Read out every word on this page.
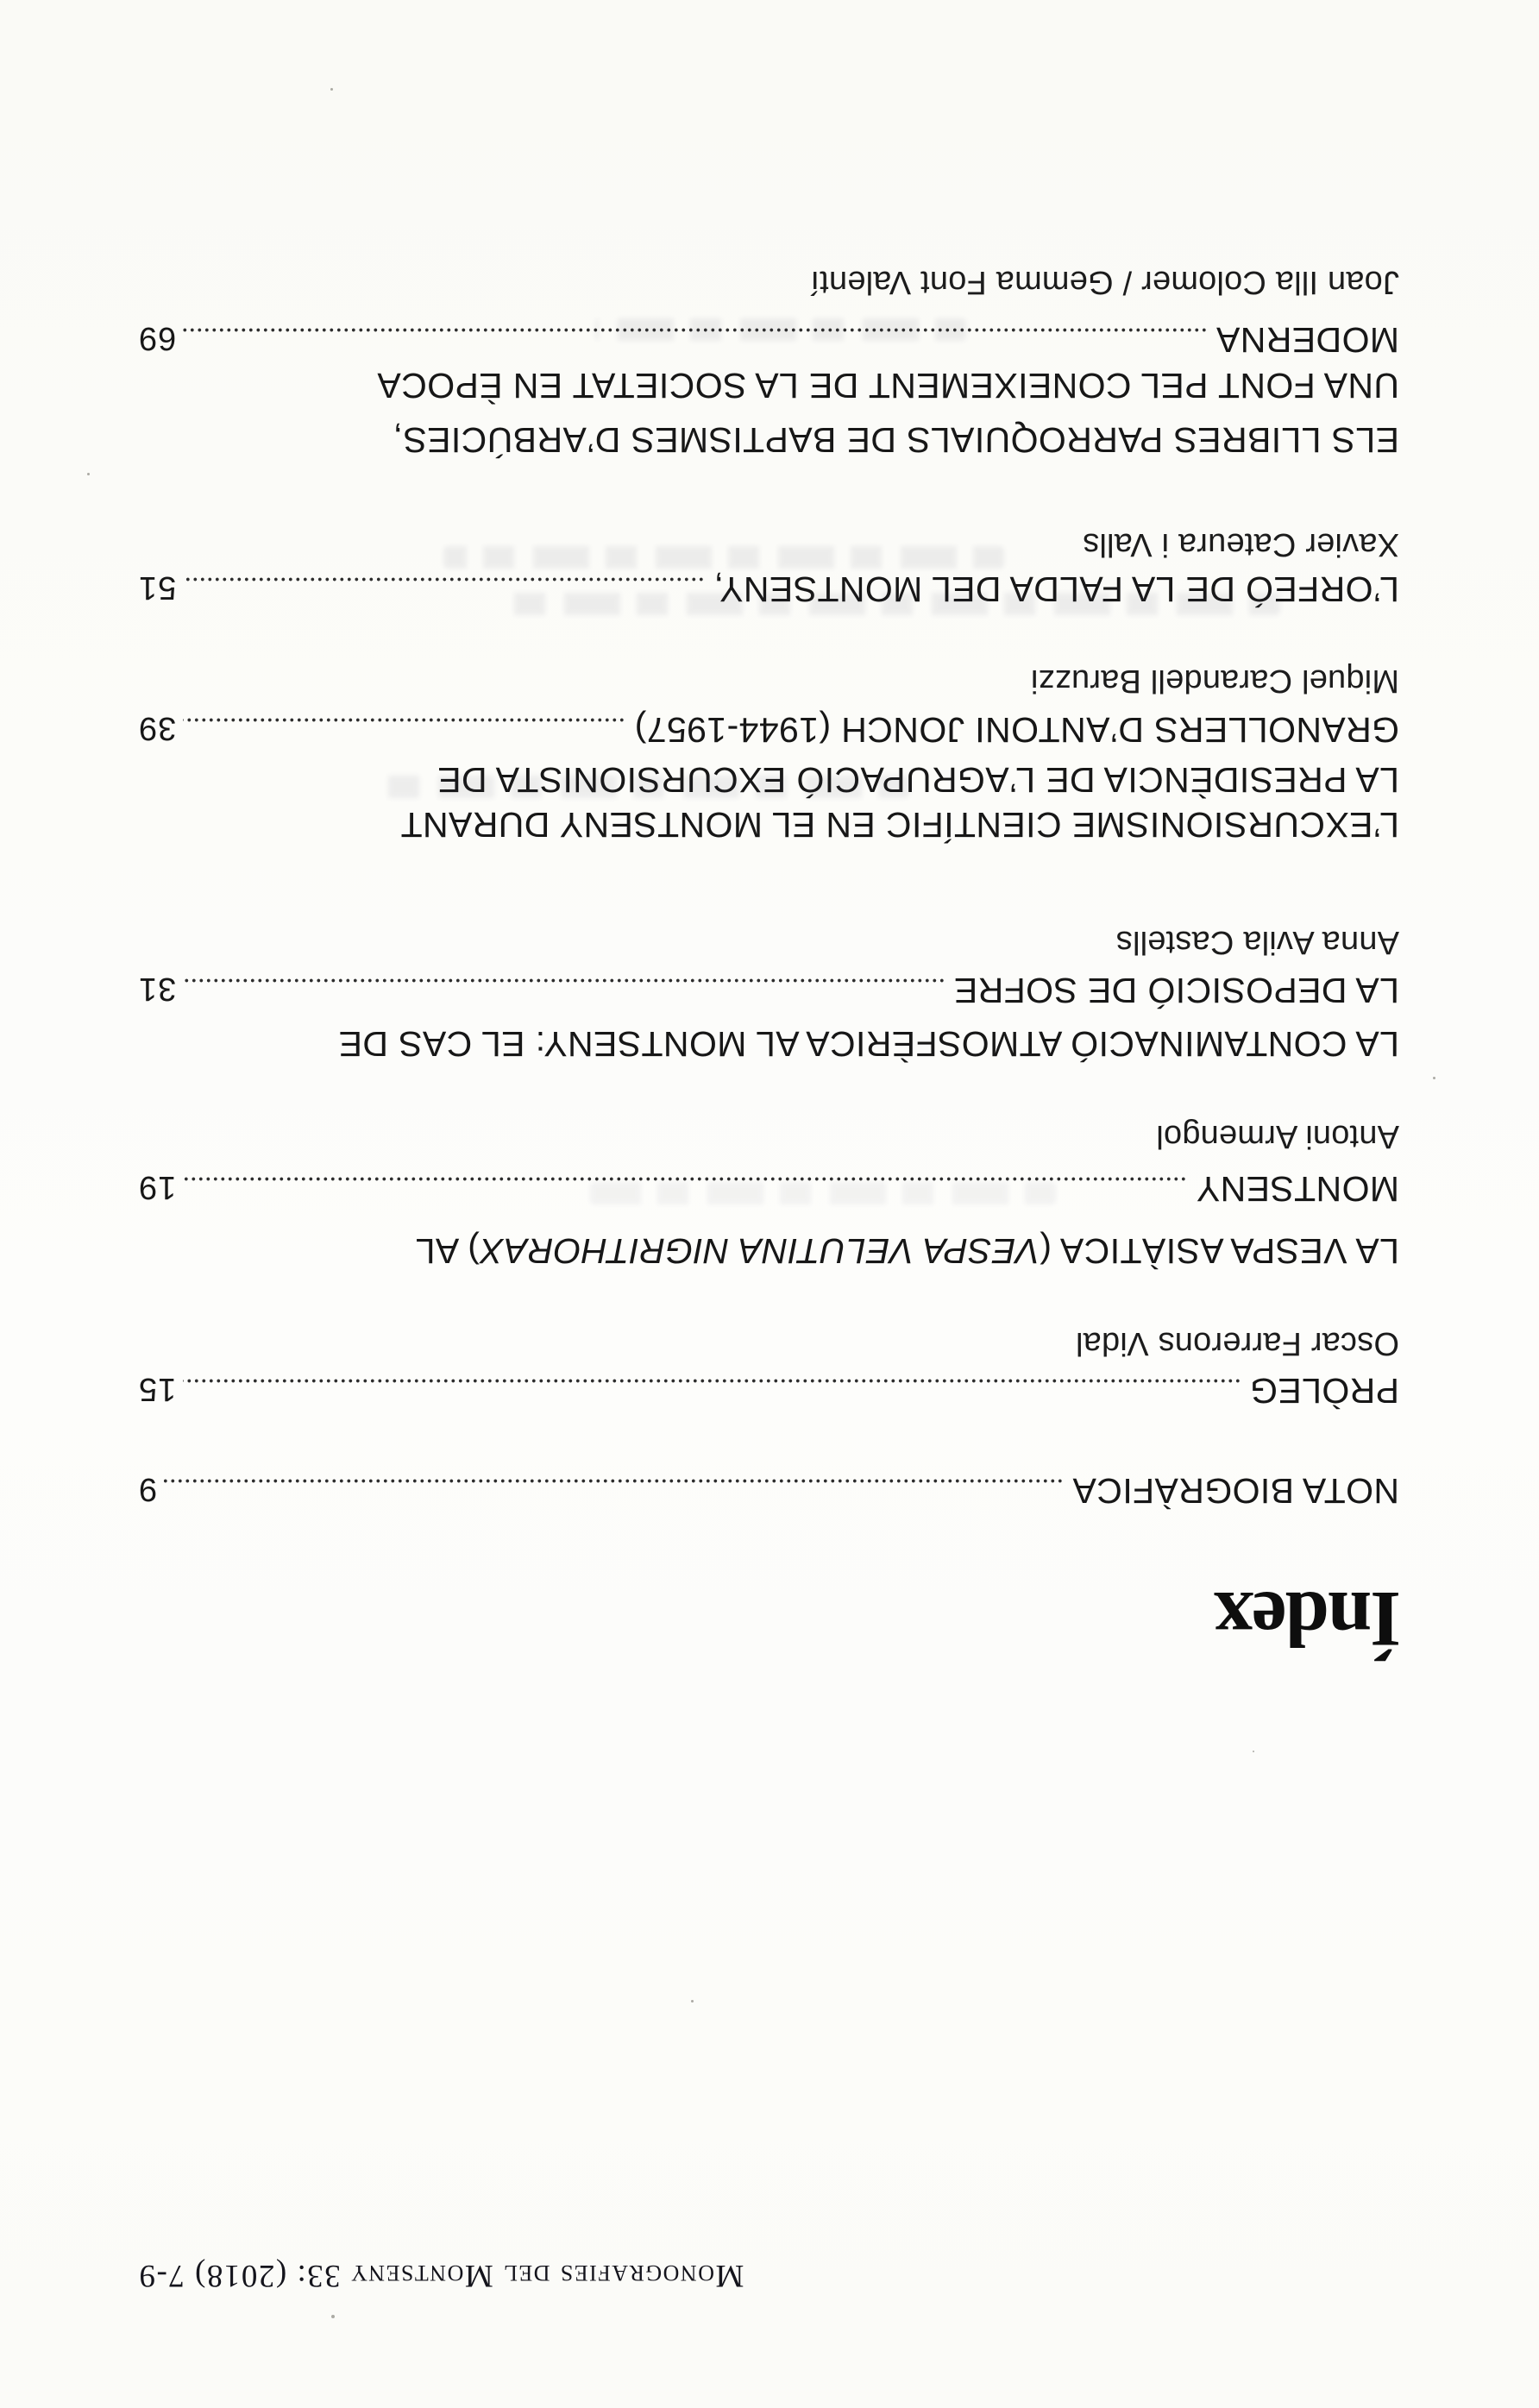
Monografies del Montseny 33: (2018) 7-9
Índex
NOTA BIOGRÀFICA
9
PRÒLEG
15
Oscar Farrerons Vidal
LA VESPA ASIÀTICA (VESPA VELUTINA NIGRITHORAX) AL
MONTSENY
19
Antoni Armengol
LA CONTAMINACIÓ ATMOSFÈRICA AL MONTSENY: EL CAS DE
LA DEPOSICIÓ DE SOFRE
31
Anna Avila Castells
L’EXCURSIONISME CIENTÍFIC EN EL MONTSENY DURANT
LA PRESIDÈNCIA DE L’AGRUPACIÓ EXCURSIONISTA DE
GRANOLLERS D’ANTONI JONCH (1944-1957)
39
Miquel Carandell Baruzzi
L’ORFEÓ DE LA FALDA DEL MONTSENY,
51
Xavier Cateura i Valls
ELS LLIBRES PARROQUIALS DE BAPTISMES D’ARBÚCIES,
UNA FONT PEL CONEIXEMENT DE LA SOCIETAT EN ÈPOCA
MODERNA
69
Joan Illa Colomer / Gemma Font Valentí
